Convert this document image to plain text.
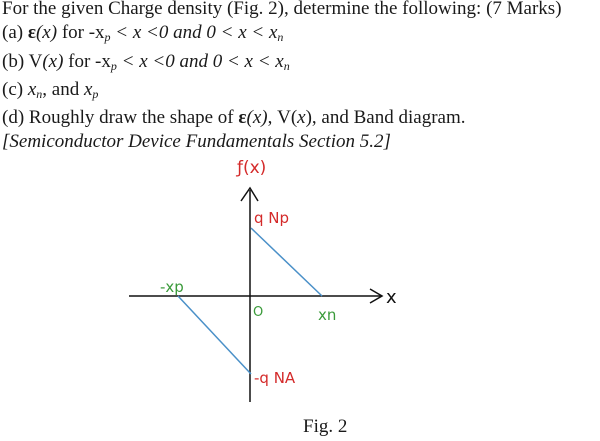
For the given Charge density (Fig. 2), determine the following: (7 Marks)
(a) ε(x) for $-x_p < x <0$ and $0 < x < x_n$
(b) V(x) for $-x_p < x <0$ and $0 < x < x_n$
(c) $x_n$, and $x_p$
(d) Roughly draw the shape of ε(x), V(x), and Band diagram.
[Semiconductor Device Fundamentals Section 5.2]
ƒ(x)
q Np
-q NA
x
-xp
O	xn
Fig. 2
